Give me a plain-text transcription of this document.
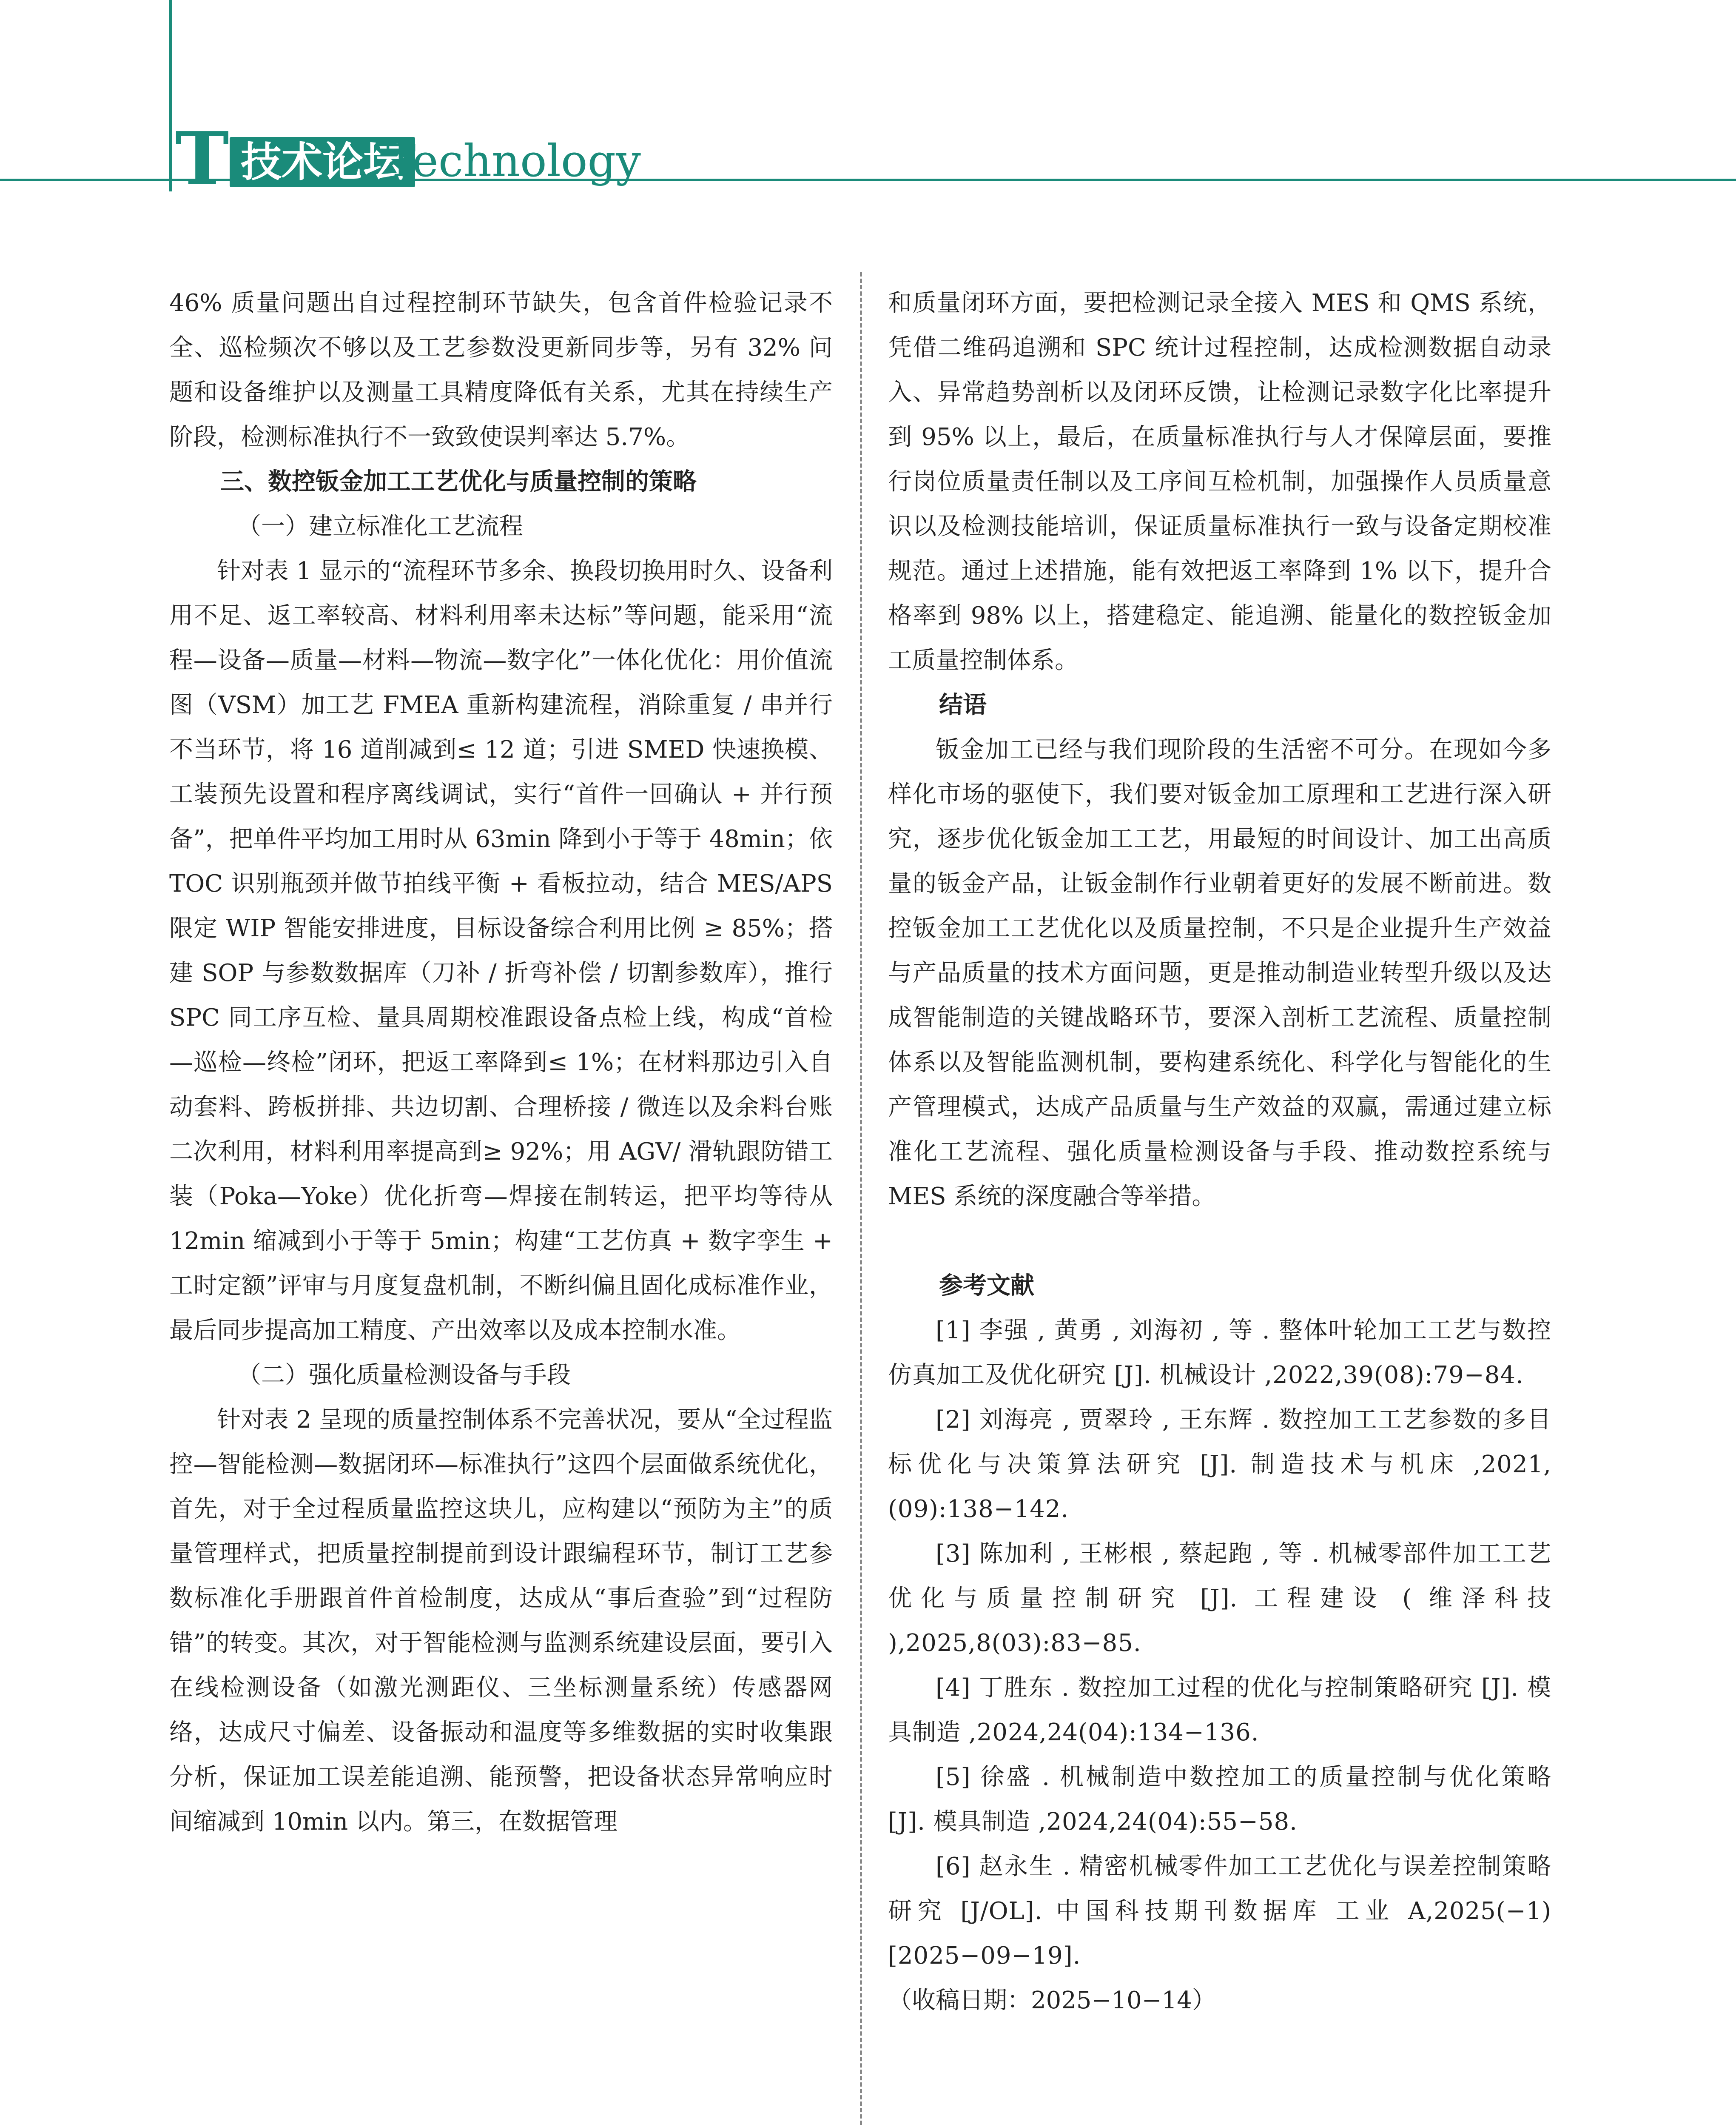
T 技术论坛
Technology

46% 质量问题出自过程控制环节缺失，包含首件检验记录不全、巡检频次不够以及工艺参数没更新同步等，另有 32% 问题和设备维护以及测量工具精度降低有关系，尤其在持续生产阶段，检测标准执行不一致致使误判率达 5.7%。

三、数控钣金加工工艺优化与质量控制的策略
（一）建立标准化工艺流程

针对表 1 显示的“流程环节多余、换段切换用时久、设备利用不足、返工率较高、材料利用率未达标”等问题，能采用“流程—设备—质量—材料—物流—数字化”一体化优化：用价值流图（VSM）加工艺 FMEA 重新构建流程，消除重复 / 串并行不当环节，将 16 道削减到≤ 12 道；引进 SMED 快速换模、工装预先设置和程序离线调试，实行“首件一回确认 + 并行预备”，把单件平均加工用时从 63min 降到小于等于 48min；依 TOC 识别瓶颈并做节拍线平衡 + 看板拉动，结合 MES/APS 限定 WIP 智能安排进度，目标设备综合利用比例 ≥ 85%；搭建 SOP 与参数数据库（刀补 / 折弯补偿 / 切割参数库），推行 SPC 同工序互检、量具周期校准跟设备点检上线，构成“首检—巡检—终检”闭环，把返工率降到≤ 1%；在材料那边引入自动套料、跨板拼排、共边切割、合理桥接 / 微连以及余料台账二次利用，材料利用率提高到≥ 92%；用 AGV/ 滑轨跟防错工装（Poka—Yoke）优化折弯—焊接在制转运，把平均等待从 12min 缩减到小于等于 5min；构建“工艺仿真 + 数字孪生 + 工时定额”评审与月度复盘机制，不断纠偏且固化成标准作业，最后同步提高加工精度、产出效率以及成本控制水准。

（二）强化质量检测设备与手段

针对表 2 呈现的质量控制体系不完善状况，要从“全过程监控—智能检测—数据闭环—标准执行”这四个层面做系统优化，首先，对于全过程质量监控这块儿，应构建以“预防为主”的质量管理样式，把质量控制提前到设计跟编程环节，制订工艺参数标准化手册跟首件首检制度，达成从“事后查验”到“过程防错”的转变。其次，对于智能检测与监测系统建设层面，要引入在线检测设备（如激光测距仪、三坐标测量系统）传感器网络，达成尺寸偏差、设备振动和温度等多维数据的实时收集跟分析，保证加工误差能追溯、能预警，把设备状态异常响应时间缩减到 10min 以内。第三，在数据管理

和质量闭环方面，要把检测记录全接入 MES 和 QMS 系统，凭借二维码追溯和 SPC 统计过程控制，达成检测数据自动录入、异常趋势剖析以及闭环反馈，让检测记录数字化比率提升到 95% 以上，最后，在质量标准执行与人才保障层面，要推行岗位质量责任制以及工序间互检机制，加强操作人员质量意识以及检测技能培训，保证质量标准执行一致与设备定期校准规范。通过上述措施，能有效把返工率降到 1% 以下，提升合格率到 98% 以上，搭建稳定、能追溯、能量化的数控钣金加工质量控制体系。

结语

钣金加工已经与我们现阶段的生活密不可分。在现如今多样化市场的驱使下，我们要对钣金加工原理和工艺进行深入研究，逐步优化钣金加工工艺，用最短的时间设计、加工出高质量的钣金产品，让钣金制作行业朝着更好的发展不断前进。数控钣金加工工艺优化以及质量控制，不只是企业提升生产效益与产品质量的技术方面问题，更是推动制造业转型升级以及达成智能制造的关键战略环节，要深入剖析工艺流程、质量控制体系以及智能监测机制，要构建系统化、科学化与智能化的生产管理模式，达成产品质量与生产效益的双赢，需通过建立标准化工艺流程、强化质量检测设备与手段、推动数控系统与 MES 系统的深度融合等举措。

参考文献

[1] 李强 , 黄勇 , 刘海初 , 等 . 整体叶轮加工工艺与数控仿真加工及优化研究 [J]. 机械设计 ,2022,39(08):79−84.

[2] 刘海亮 , 贾翠玲 , 王东辉 . 数控加工工艺参数的多目标优化与决策算法研究 [J]. 制造技术与机床 ,2021,(09):138−142.

[3] 陈加利 , 王彬根 , 蔡起跑 , 等 . 机械零部件加工工艺优化与质量控制研究 [J]. 工程建设 ( 维泽科技 ),2025,8(03):83−85.

[4] 丁胜东 . 数控加工过程的优化与控制策略研究 [J]. 模具制造 ,2024,24(04):134−136.

[5] 徐盛 . 机械制造中数控加工的质量控制与优化策略 [J]. 模具制造 ,2024,24(04):55−58.

[6] 赵永生 . 精密机械零件加工工艺优化与误差控制策略研究 [J/OL]. 中国科技期刊数据库 工业 A,2025(−1)[2025−09−19].

（收稿日期：2025−10−14）
